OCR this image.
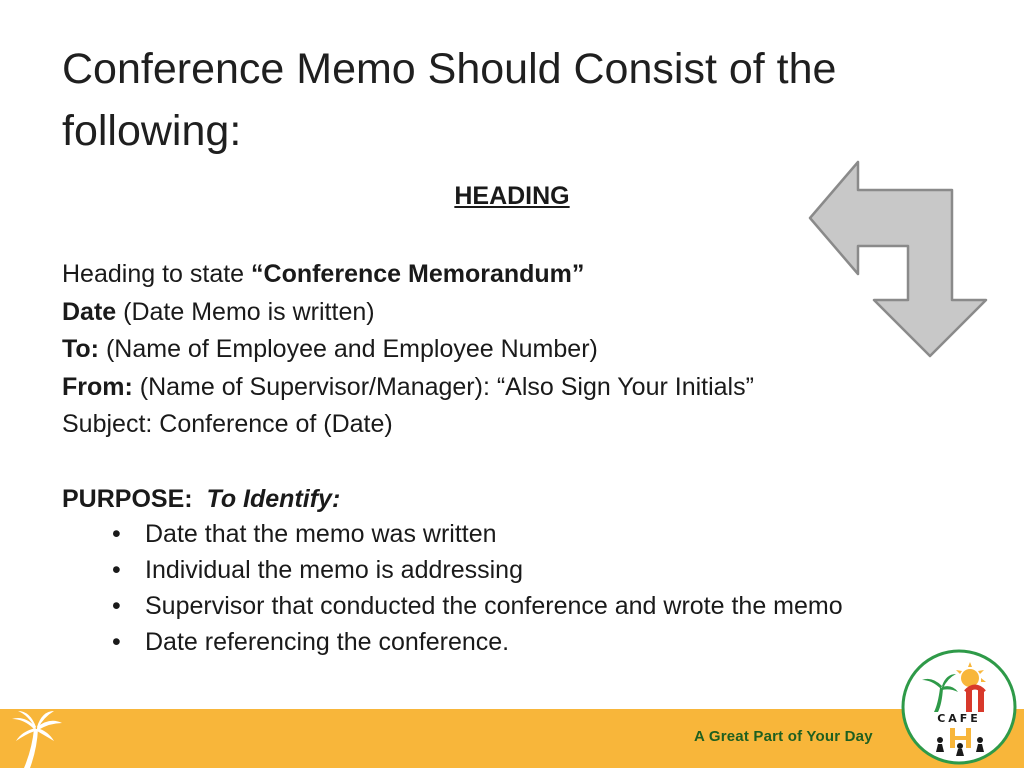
Conference Memo Should Consist of the following:
HEADING
Heading to state “Conference Memorandum”
Date (Date Memo is written)
To: (Name of Employee and Employee Number)
From: (Name of Supervisor/Manager): “Also Sign Your Initials”
Subject: Conference of (Date)
PURPOSE: To Identify:
• Date that the memo was written
• Individual the memo is addressing
• Supervisor that conducted the conference and wrote the memo
• Date referencing the conference.
A Great Part of Your Day
CAFE
